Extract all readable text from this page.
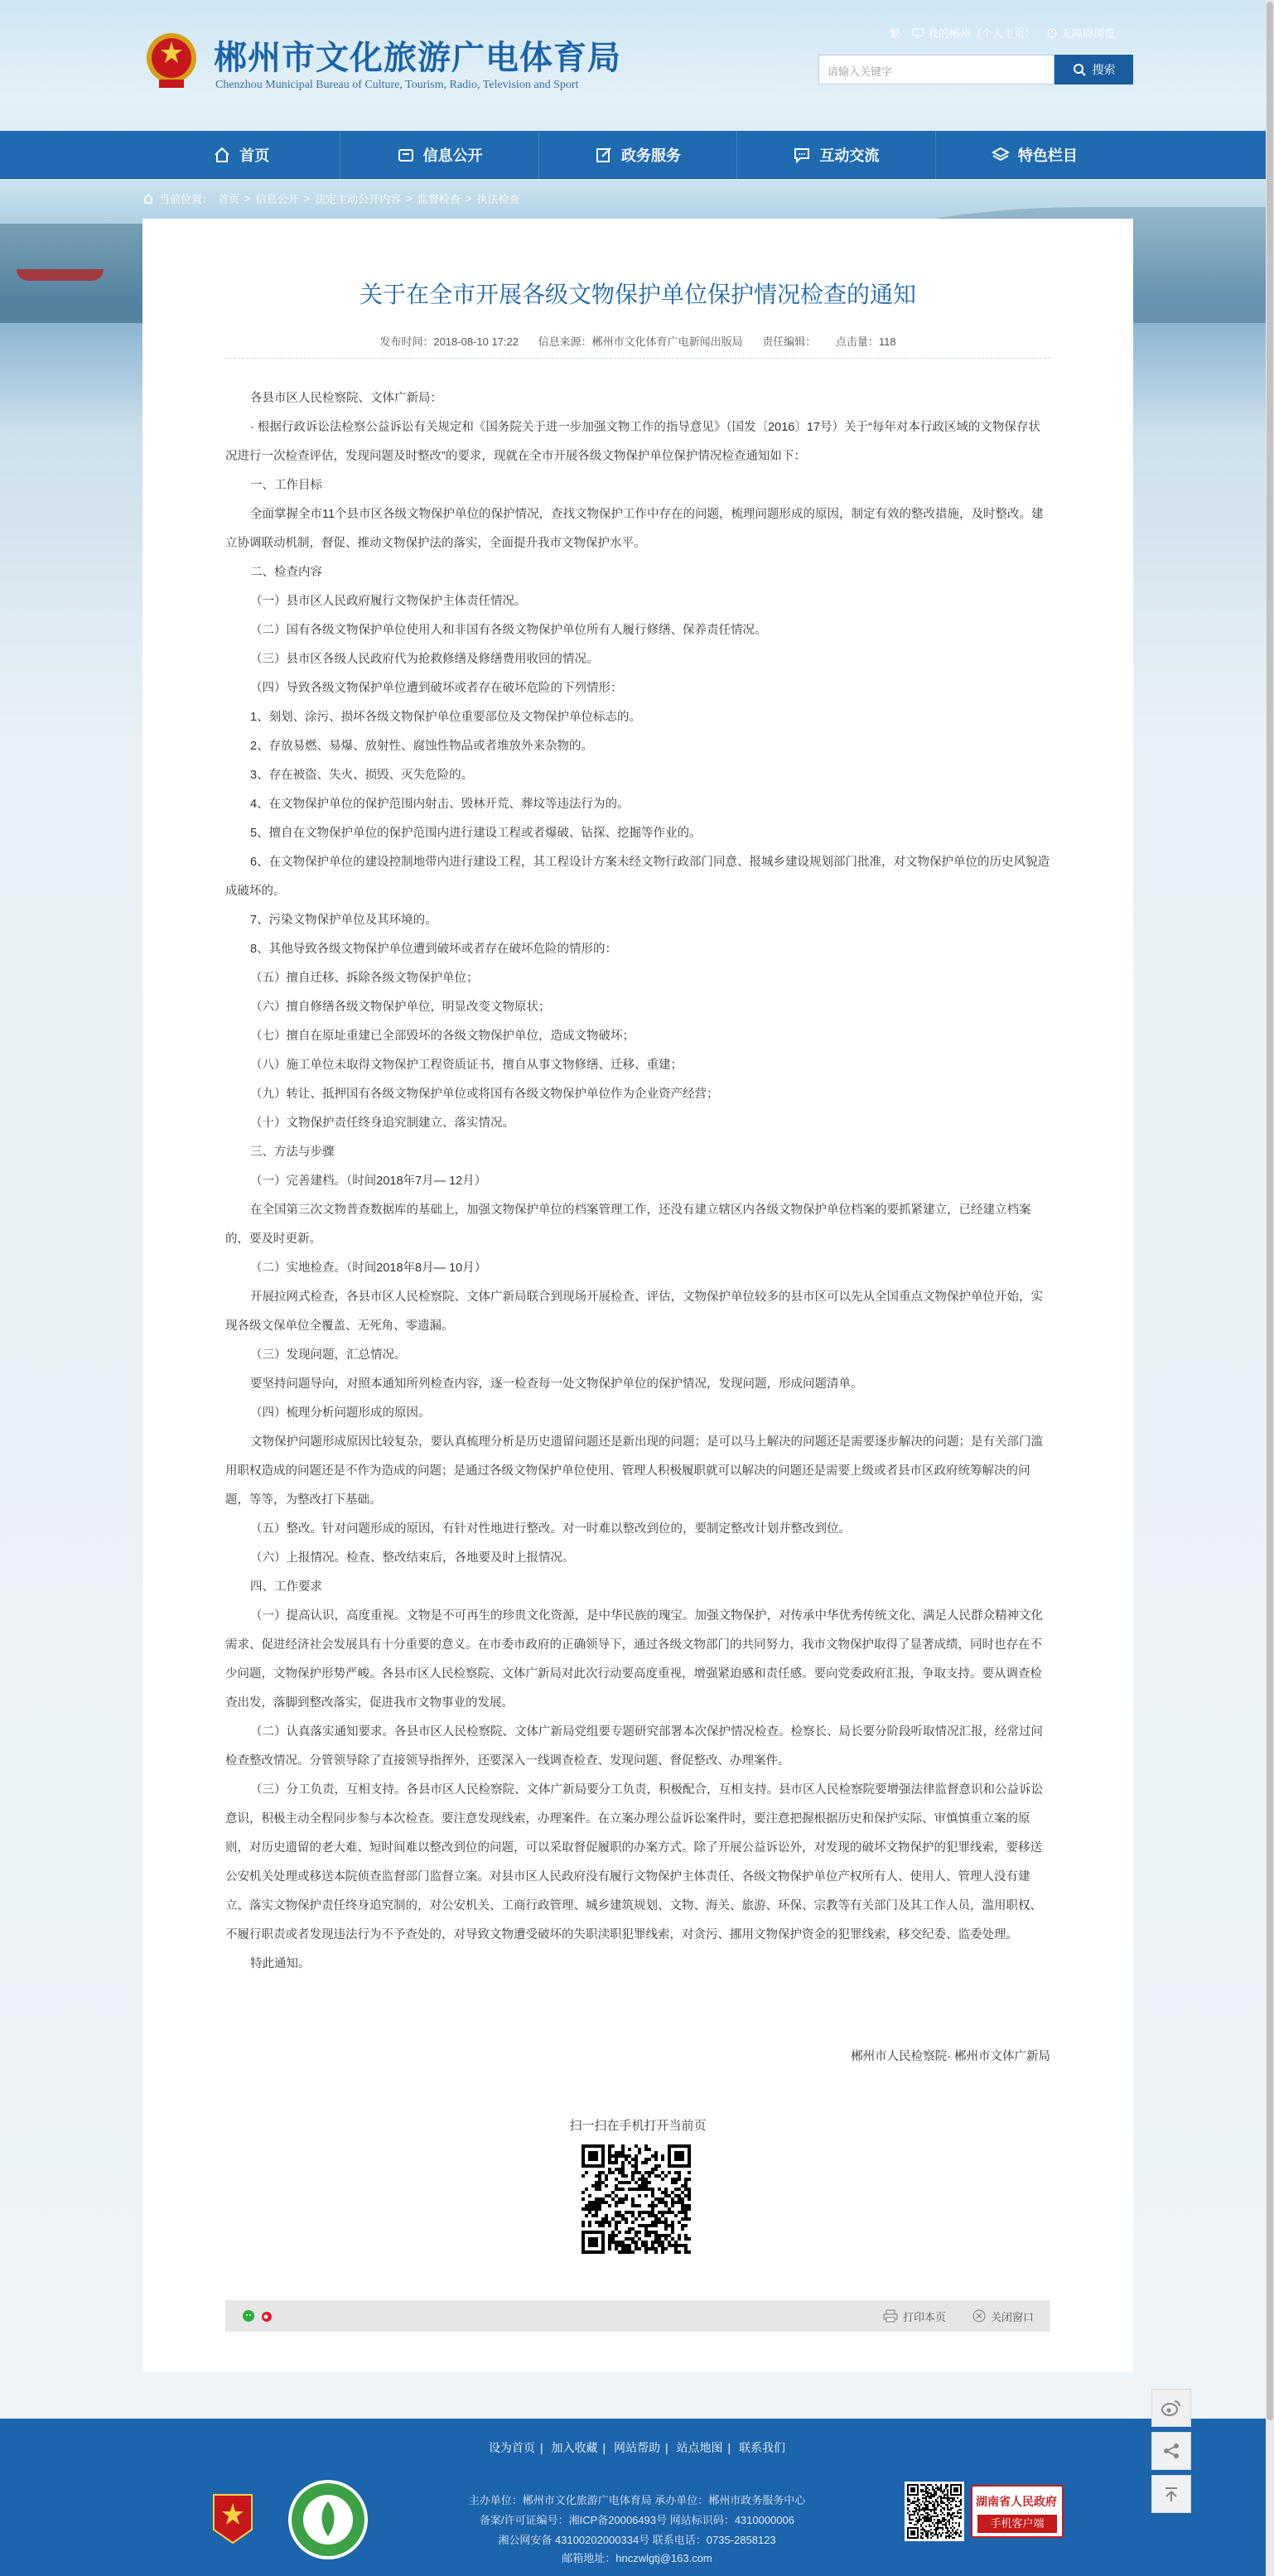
郴州市文化旅游广电体育局
Chenzhou Municipal Bureau of Culture, Tourism, Radio, Television and Sport
繁	我的郴州（个人主页） 无障碍浏览
请输入关键字	搜索
首页	信息公开	政务服务	互动交流	特色栏目
当前位置： 首页 > 信息公开 > 法定主动公开内容 > 监督检查 > 执法检查
关于在全市开展各级文物保护单位保护情况检查的通知
发布时间：2018-08-10 17:22 信息来源：郴州市文化体育广电新闻出版局 责任编辑： 点击量：118

各县市区人民检察院、文体广新局：

· 根据行政诉讼法检察公益诉讼有关规定和《国务院关于进一步加强文物工作的指导意见》（国发〔2016〕17号）关于“每年对本行政区域的文物保存状况进行一次检查评估，发现问题及时整改”的要求，现就在全市开展各级文物保护单位保护情况检查通知如下：

一、工作目标

全面掌握全市11个县市区各级文物保护单位的保护情况，查找文物保护工作中存在的问题，梳理问题形成的原因，制定有效的整改措施，及时整改。建立协调联动机制，督促、推动文物保护法的落实，全面提升我市文物保护水平。

二、检查内容

（一）县市区人民政府履行文物保护主体责任情况。

（二）国有各级文物保护单位使用人和非国有各级文物保护单位所有人履行修缮、保养责任情况。

（三）县市区各级人民政府代为抢救修缮及修缮费用收回的情况。

（四）导致各级文物保护单位遭到破坏或者存在破坏危险的下列情形：

1、刻划、涂污、损坏各级文物保护单位重要部位及文物保护单位标志的。

2、存放易燃、易爆、放射性、腐蚀性物品或者堆放外来杂物的。

3、存在被盗、失火、损毁、灭失危险的。

4、在文物保护单位的保护范围内射击、毁林开荒、葬坟等违法行为的。

5、擅自在文物保护单位的保护范围内进行建设工程或者爆破、钻探、挖掘等作业的。

6、在文物保护单位的建设控制地带内进行建设工程，其工程设计方案未经文物行政部门同意、报城乡建设规划部门批准，对文物保护单位的历史风貌造成破坏的。

7、污染文物保护单位及其环境的。

8、其他导致各级文物保护单位遭到破坏或者存在破坏危险的情形的：

（五）擅自迁移、拆除各级文物保护单位；

（六）擅自修缮各级文物保护单位，明显改变文物原状；

（七）擅自在原址重建已全部毁坏的各级文物保护单位，造成文物破坏；

（八）施工单位未取得文物保护工程资质证书，擅自从事文物修缮、迁移、重建；

（九）转让、抵押国有各级文物保护单位或将国有各级文物保护单位作为企业资产经营；

（十）文物保护责任终身追究制建立、落实情况。

三、方法与步骤

（一）完善建档。（时间2018年7月— 12月）

在全国第三次文物普查数据库的基础上，加强文物保护单位的档案管理工作，还没有建立辖区内各级文物保护单位档案的要抓紧建立，已经建立档案的，要及时更新。

（二）实地检查。（时间2018年8月— 10月）

开展拉网式检查，各县市区人民检察院、文体广新局联合到现场开展检查、评估，文物保护单位较多的县市区可以先从全国重点文物保护单位开始，实现各级文保单位全覆盖、无死角、零遗漏。

（三）发现问题，汇总情况。

要坚持问题导向，对照本通知所列检查内容，逐一检查每一处文物保护单位的保护情况，发现问题，形成问题清单。

（四）梳理分析问题形成的原因。

文物保护问题形成原因比较复杂，要认真梳理分析是历史遗留问题还是新出现的问题；是可以马上解决的问题还是需要逐步解决的问题；是有关部门滥用职权造成的问题还是不作为造成的问题；是通过各级文物保护单位使用、管理人积极履职就可以解决的问题还是需要上级或者县市区政府统筹解决的问题，等等，为整改打下基础。

（五）整改。针对问题形成的原因，有针对性地进行整改。对一时难以整改到位的，要制定整改计划并整改到位。

（六）上报情况。检查、整改结束后，各地要及时上报情况。

四、工作要求

（一）提高认识，高度重视。文物是不可再生的珍贵文化资源，是中华民族的瑰宝。加强文物保护，对传承中华优秀传统文化、满足人民群众精神文化需求、促进经济社会发展具有十分重要的意义。在市委市政府的正确领导下，通过各级文物部门的共同努力，我市文物保护取得了显著成绩，同时也存在不少问题，文物保护形势严峻。各县市区人民检察院、文体广新局对此次行动要高度重视，增强紧迫感和责任感。要向党委政府汇报，争取支持。要从调查检查出发，落脚到整改落实，促进我市文物事业的发展。

（二）认真落实通知要求。各县市区人民检察院、文体广新局党组要专题研究部署本次保护情况检查。检察长、局长要分阶段听取情况汇报，经常过问检查整改情况。分管领导除了直接领导指挥外，还要深入一线调查检查、发现问题、督促整改、办理案件。

（三）分工负责，互相支持。各县市区人民检察院、文体广新局要分工负责，积极配合，互相支持。县市区人民检察院要增强法律监督意识和公益诉讼意识，积极主动全程同步参与本次检查。要注意发现线索，办理案件。在立案办理公益诉讼案件时，要注意把握根据历史和保护实际、审慎慎重立案的原则，对历史遗留的老大难、短时间难以整改到位的问题，可以采取督促履职的办案方式。除了开展公益诉讼外，对发现的破坏文物保护的犯罪线索，要移送公安机关处理或移送本院侦查监督部门监督立案。对县市区人民政府没有履行文物保护主体责任、各级文物保护单位产权所有人、使用人、管理人没有建立、落实文物保护责任终身追究制的，对公安机关、工商行政管理、城乡建筑规划、文物、海关、旅游、环保、宗教等有关部门及其工作人员，滥用职权、不履行职责或者发现违法行为不予查处的，对导致文物遭受破坏的失职渎职犯罪线索，对贪污、挪用文物保护资金的犯罪线索，移交纪委、监委处理。

特此通知。

郴州市人民检察院· 郴州市文体广新局
扫一扫在手机打开当前页
打印本页	关闭窗口
设为首页 | 加入收藏 | 网站帮助 | 站点地图 | 联系我们
主办单位：郴州市文化旅游广电体育局 承办单位：郴州市政务服务中心
备案/许可证编号：湘ICP备20006493号 网站标识码：4310000006
湘公网安备 43100202000334号 联系电话：0735-2858123
邮箱地址：hnczwlgtj@163.com
湖南省人民政府
手机客户端
